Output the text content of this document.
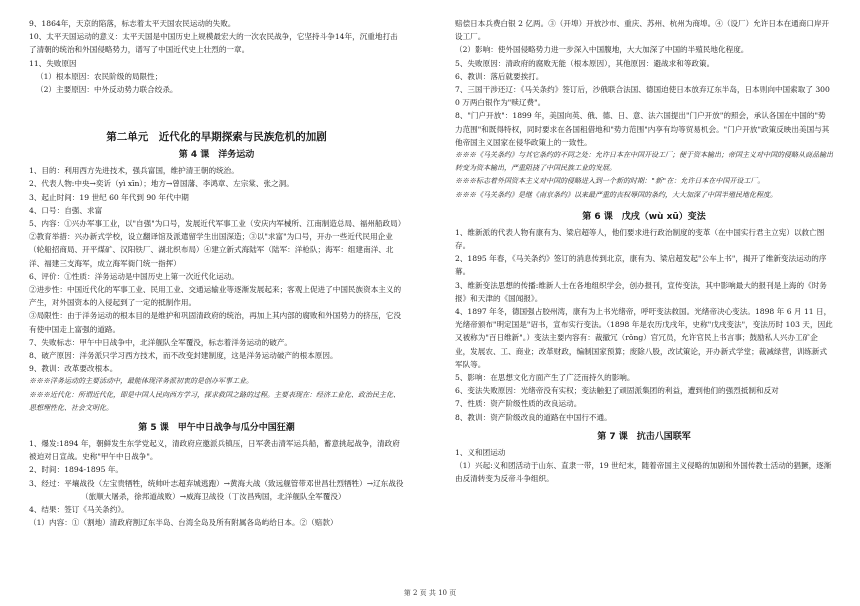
9、1864年，天京的陷落，标志着太平天国农民运动的失败。

10、太平天国运动的意义：太平天国是中国历史上规模最宏大的一次农民战争，它坚持斗争14年，沉重地打击了清朝的统治和外国侵略势力，谱写了中国近代史上壮烈的一章。

11、失败原因

（1）根本原因：农民阶级的局限性；

（2）主要原因：中外反动势力联合绞杀。

第二单元　近代化的早期探索与民族危机的加剧
第 4 课　洋务运动

1、目的：利用西方先进技术，强兵富国，维护清王朝的统治。

2、代表人物:中央→奕䜣（yì xīn）；地方→曾国藩、李鸿章、左宗棠、张之洞。

3、起止时间：19 世纪 60 年代到 90 年代中期

4、口号：自强、求富

5、内容：①兴办军事工业，以"自强"为口号，发展近代军事工业（安庆内军械所、江南制造总局、福州船政局）②教育举措：兴办新式学校，设立翻译馆及派遣留学生出国深造；③以"求富"为口号，开办一些近代民用企业（轮船招商局、开平煤矿、汉阳铁厂、湖北织布局）④建立新式海陆军（陆军：洋枪队；海军：组建南洋、北洋、福建三支海军，成立海军衙门统一指挥）

6、评价：①性质：洋务运动是中国历史上第一次近代化运动。

②进步性：中国近代化的军事工业、民用工业、交通运输业等逐渐发展起来；客观上促进了中国民族资本主义的产生，对外国资本的入侵起到了一定的抵制作用。

③局限性：由于洋务运动的根本目的是维护和巩固清政府的统治，再加上其内部的腐败和外国势力的挤压，它没有使中国走上富强的道路。

7、失败标志：甲午中日战争中，北洋舰队全军覆没，标志着洋务运动的破产。

8、破产原因：洋务派只学习西方技术，而不改变封建制度，这是洋务运动破产的根本原因。

9、教训：改革要改根本。

※※※洋务运动的主要活动中，最能体现洋务派初衷的是创办军事工业。

※※※近代化：所谓近代化，即是中国人民向西方学习，探求救国之路的过程。主要表现在：经济工业化、政治民主化、思想理性化、社会文明化。

第 5 课　甲午中日战争与瓜分中国狂潮

1、爆发:1894 年，朝鲜发生东学党起义，清政府应邀派兵镇压，日军袭击清军运兵船，蓄意挑起战争，清政府被迫对日宣战。史称"甲午中日战争"。

2、时间：1894-1895 年。

3、经过：平壤战役（左宝贵牺牲，统帅叶志超弃城逃跑）→黄海大战（致远舰管带邓世昌壮烈牺牲）→辽东战役（旅顺大屠杀，徐邦道战败）→威海卫战役（丁汝昌殉国，北洋舰队全军覆没）

4、结果：签订《马关条约》。

（1）内容：①（割地）清政府割辽东半岛、台湾全岛及所有附属各岛屿给日本。②（赔款）

赔偿日本兵费白银 2 亿两。③（开埠）开放沙市、重庆、苏州、杭州为商埠。④（设厂）允许日本在通商口岸开设工厂。

（2）影响：使外国侵略势力进一步深入中国腹地，大大加深了中国的半殖民地化程度。

5、失败原因：清政府的腐败无能（根本原因），其他原因：避战求和等政策。

6、教训：落后就要挨打。

7、三国干涉还辽：《马关条约》签订后，沙俄联合法国、德国迫使日本放弃辽东半岛，日本则向中国索取了 3000 万两白银作为"赎辽费"。

8、"门户开放"：1899 年，美国向英、俄、德、日、意、法六国提出"门户开放"的照会，承认各国在中国的"势力范围"和既得特权，同时要求在各国租借地和"势力范围"内享有均等贸易机会。"门户开放"政策反映出美国与其他帝国主义国家在侵华政策上的一致性。

※※※《马关条约》与其它条约的不同之处：允许日本在中国开设工厂；便于资本输出；帝国主义对中国的侵略从商品输出转变为资本输出，严重阻挠了中国民族工业的发展。

※※※标志着外国资本主义对中国的侵略进入到一个新的时期："新"在：允许日本在中国开设工厂。

※※※《马关条约》是继《南京条约》以来最严重的丧权辱国的条约，大大加深了中国半殖民地化程度。

第 6 课　戊戌（wù xū）变法

1、维新派的代表人物有康有为、梁启超等人，他们要求进行政治制度的变革（在中国实行君主立宪）以救亡图存。

2、1895 年春，《马关条约》签订的消息传到北京，康有为、梁启超发起"公车上书"，揭开了维新变法运动的序幕。

3、维新变法思想的传播:维新人士在各地组织学会，创办报刊，宣传变法，其中影响最大的报刊是上海的《时务报》和天津的《国闻报》。

4、1897 年冬，德国强占胶州湾，康有为上书光绪帝，呼吁变法救国。光绪帝决心变法。1898 年 6 月 11 日，光绪帝颁布"明定国是"诏书，宣布实行变法。（1898 年是农历戊戌年，史称"戊戌变法"，变法历时 103 天，因此又被称为"百日维新"。）变法主要内容有：裁撤冗（rǒng）官冗员，允许官民上书言事；鼓励私人兴办工矿企业，发展农、工、商业；改革财政，编制国家预算；废除八股，改试策论，开办新式学堂；裁减绿营，训练新式军队等。

5、影响：在思想文化方面产生了广泛而持久的影响。

6、变法失败原因：光绪帝没有实权；变法触犯了顽固派集团的利益，遭到他们的强烈抵制和反对

7、性质：资产阶级性质的改良运动。

8、教训：资产阶级改良的道路在中国行不通。

第 7 课　抗击八国联军

1、义和团运动

（1）兴起:义和团活动于山东、直隶一带，19 世纪末，随着帝国主义侵略的加剧和外国传教士活动的猖獗，逐渐由反清转变为反帝斗争组织。

第 2 页 共 10 页
